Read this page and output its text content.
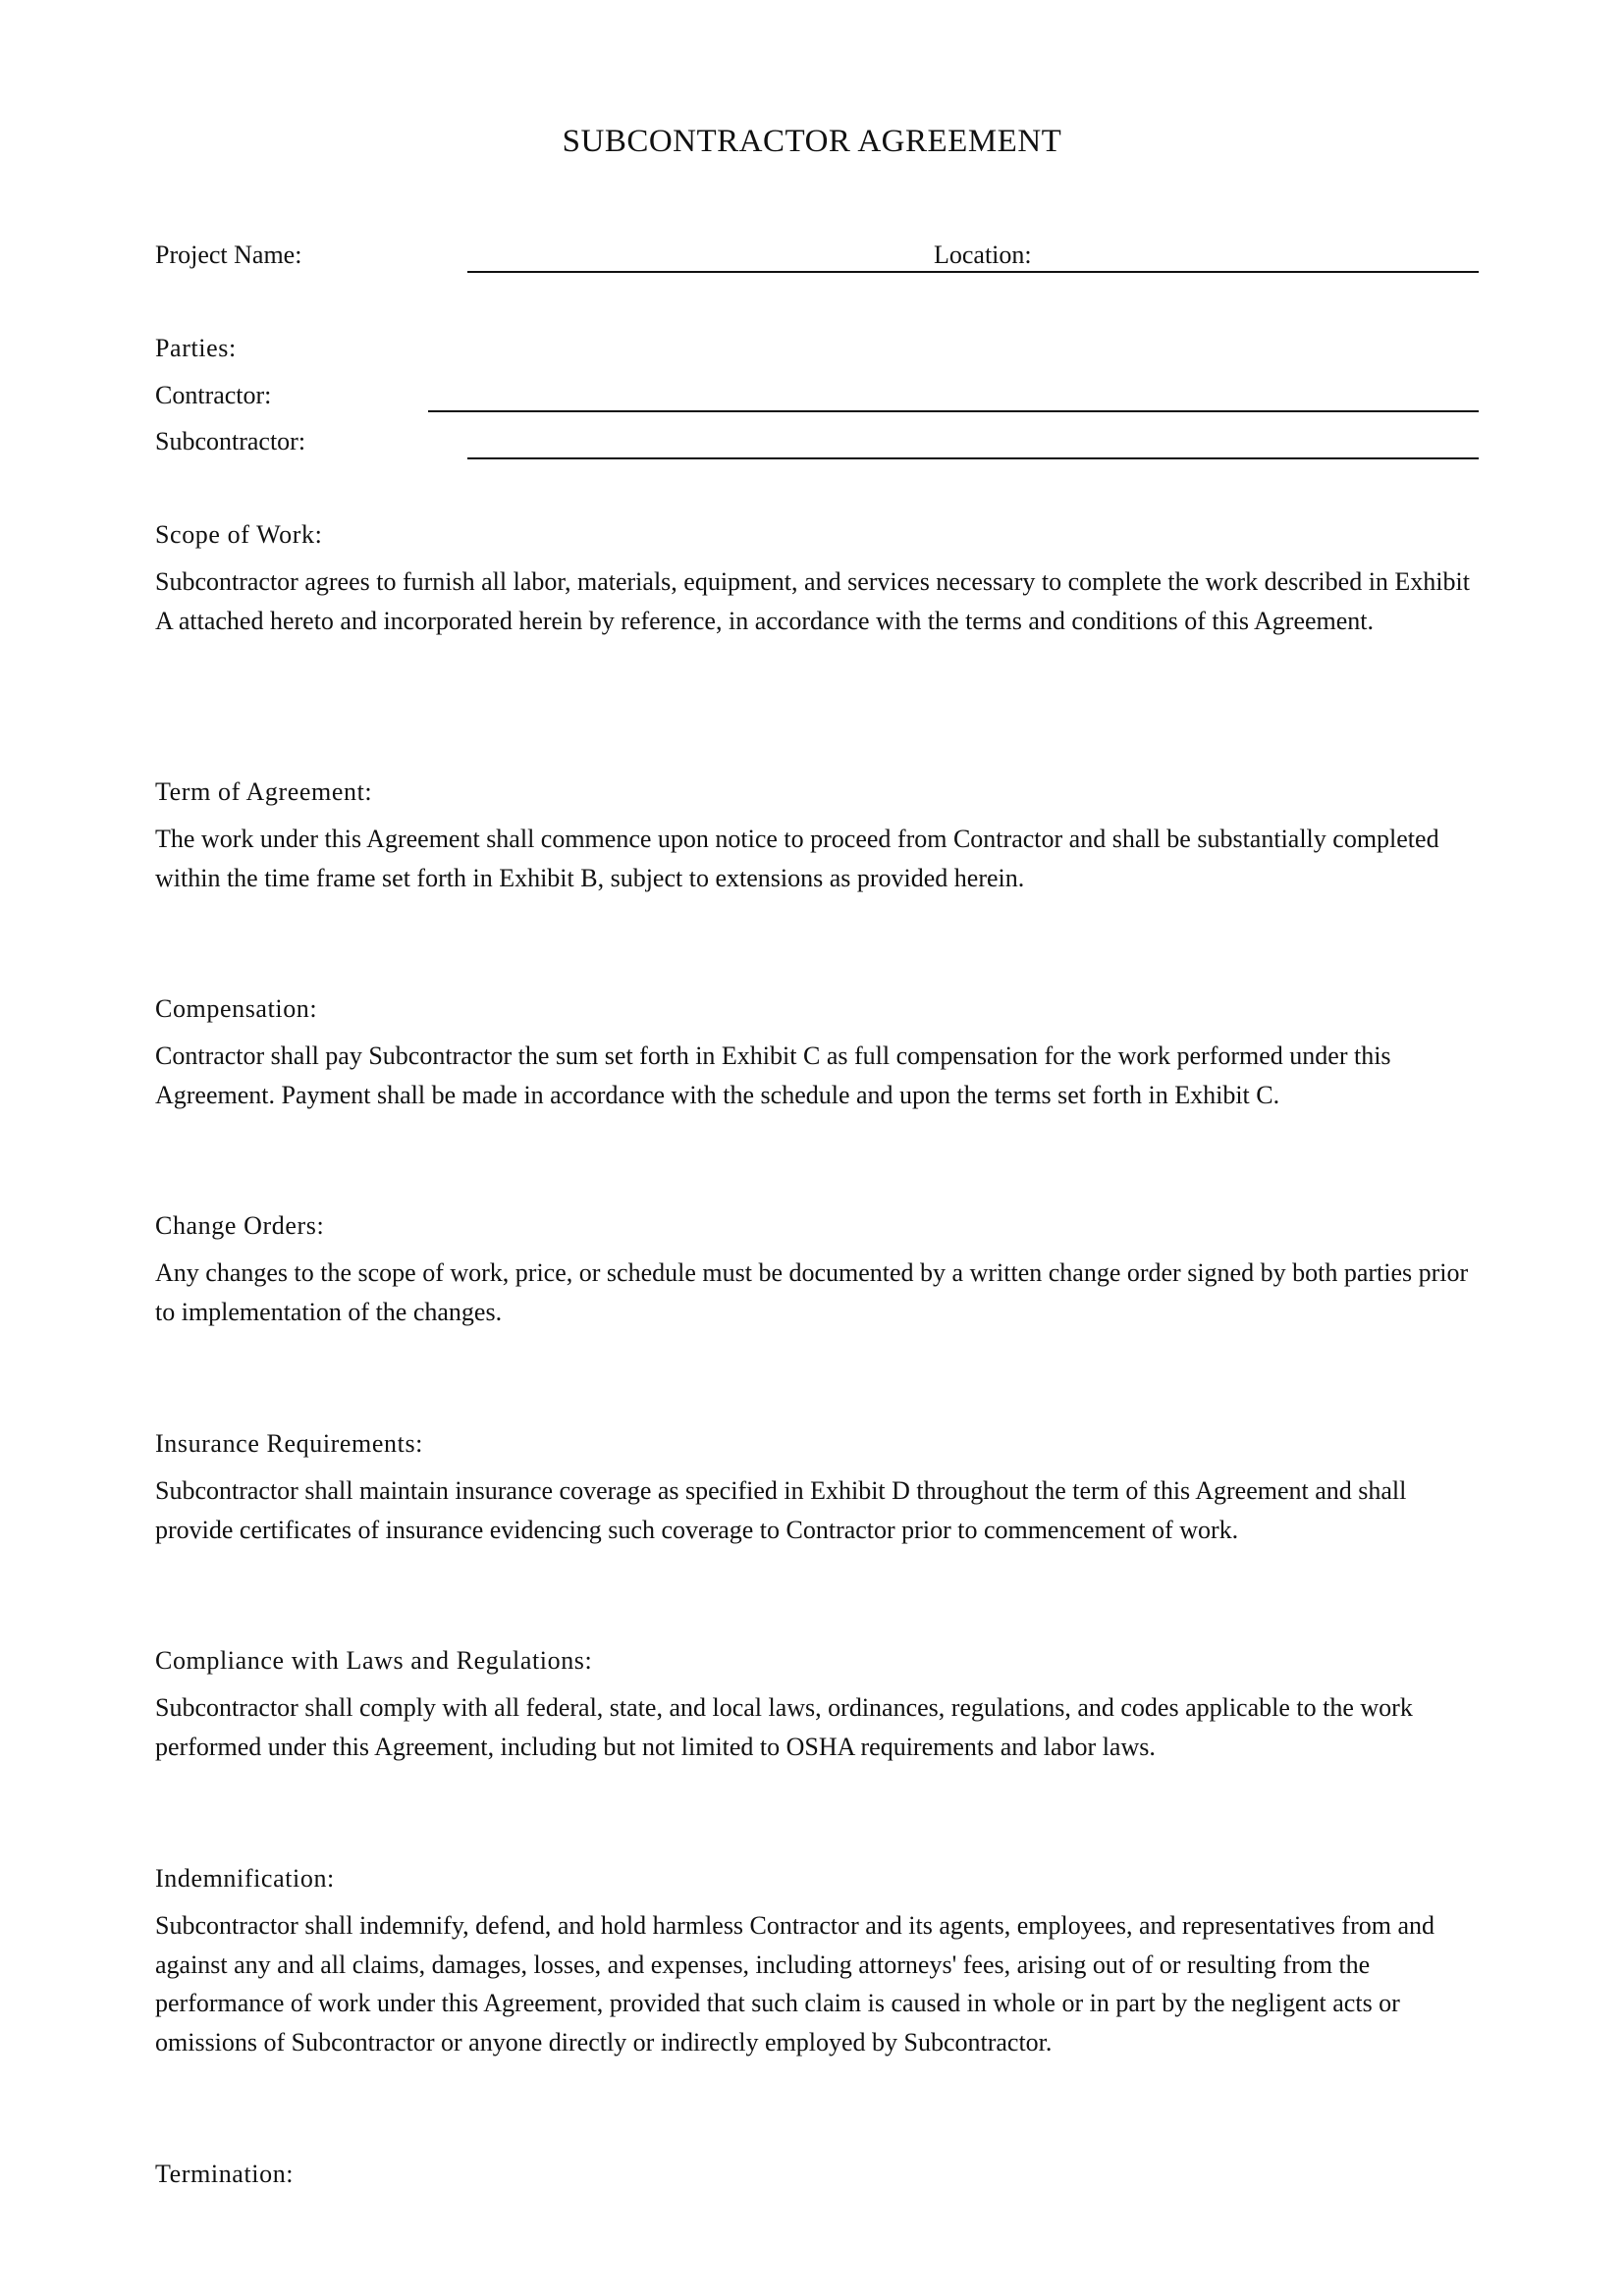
SUBCONTRACTOR AGREEMENT
Project Name:	Location:
Parties:
Contractor:
Subcontractor:
Scope of Work:

Subcontractor agrees to furnish all labor, materials, equipment, and services necessary to complete the work described in Exhibit A attached hereto and incorporated herein by reference, in accordance with the terms and conditions of this Agreement.

Term of Agreement:

The work under this Agreement shall commence upon notice to proceed from Contractor and shall be substantially completed within the time frame set forth in Exhibit B, subject to extensions as provided herein.

Compensation:

Contractor shall pay Subcontractor the sum set forth in Exhibit C as full compensation for the work performed under this Agreement. Payment shall be made in accordance with the schedule and upon the terms set forth in Exhibit C.

Change Orders:

Any changes to the scope of work, price, or schedule must be documented by a written change order signed by both parties prior to implementation of the changes.

Insurance Requirements:

Subcontractor shall maintain insurance coverage as specified in Exhibit D throughout the term of this Agreement and shall provide certificates of insurance evidencing such coverage to Contractor prior to commencement of work.

Compliance with Laws and Regulations:

Subcontractor shall comply with all federal, state, and local laws, ordinances, regulations, and codes applicable to the work performed under this Agreement, including but not limited to OSHA requirements and labor laws.

Indemnification:

Subcontractor shall indemnify, defend, and hold harmless Contractor and its agents, employees, and representatives from and against any and all claims, damages, losses, and expenses, including attorneys' fees, arising out of or resulting from the performance of work under this Agreement, provided that such claim is caused in whole or in part by the negligent acts or omissions of Subcontractor or anyone directly or indirectly employed by Subcontractor.

Termination:
